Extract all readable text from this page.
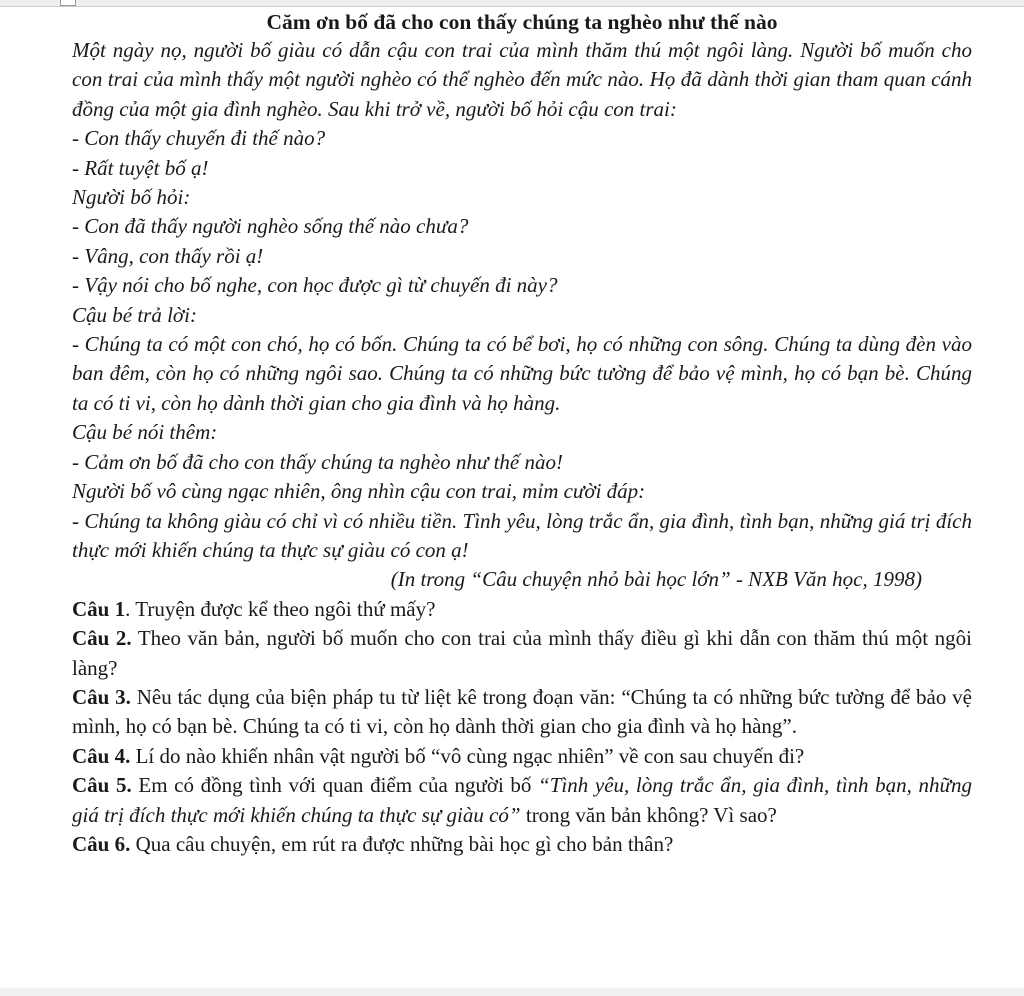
Căm ơn bố đã cho con thấy chúng ta nghèo như thế nào

Một ngày nọ, người bố giàu có dẫn cậu con trai của mình thăm thú một ngôi làng. Người bố muốn cho con trai của mình thấy một người nghèo có thể nghèo đến mức nào. Họ đã dành thời gian tham quan cánh đồng của một gia đình nghèo. Sau khi trở về, người bố hỏi cậu con trai:

- Con thấy chuyến đi thế nào?

- Rất tuyệt bố ạ!

Người bố hỏi:

- Con đã thấy người nghèo sống thế nào chưa?

- Vâng, con thấy rồi ạ!

- Vậy nói cho bố nghe, con học được gì từ chuyến đi này?

Cậu bé trả lời:

- Chúng ta có một con chó, họ có bốn. Chúng ta có bể bơi, họ có những con sông. Chúng ta dùng đèn vào ban đêm, còn họ có những ngôi sao. Chúng ta có những bức tường để bảo vệ mình, họ có bạn bè. Chúng ta có ti vi, còn họ dành thời gian cho gia đình và họ hàng.

Cậu bé nói thêm:

- Cảm ơn bố đã cho con thấy chúng ta nghèo như thế nào!

Người bố vô cùng ngạc nhiên, ông nhìn cậu con trai, mỉm cười đáp:

- Chúng ta không giàu có chỉ vì có nhiều tiền. Tình yêu, lòng trắc ẩn, gia đình, tình bạn, những giá trị đích thực mới khiến chúng ta thực sự giàu có con ạ!

(In trong “Câu chuyện nhỏ bài học lớn” - NXB Văn học, 1998)

Câu 1. Truyện được kể theo ngôi thứ mấy?

Câu 2. Theo văn bản, người bố muốn cho con trai của mình thấy điều gì khi dẫn con thăm thú một ngôi làng?

Câu 3. Nêu tác dụng của biện pháp tu từ liệt kê trong đoạn văn: “Chúng ta có những bức tường để bảo vệ mình, họ có bạn bè. Chúng ta có ti vi, còn họ dành thời gian cho gia đình và họ hàng”.

Câu 4. Lí do nào khiến nhân vật người bố “vô cùng ngạc nhiên” về con sau chuyến đi?

Câu 5. Em có đồng tình với quan điểm của người bố “Tình yêu, lòng trắc ẩn, gia đình, tình bạn, những giá trị đích thực mới khiến chúng ta thực sự giàu có” trong văn bản không? Vì sao?

Câu 6. Qua câu chuyện, em rút ra được những bài học gì cho bản thân?
